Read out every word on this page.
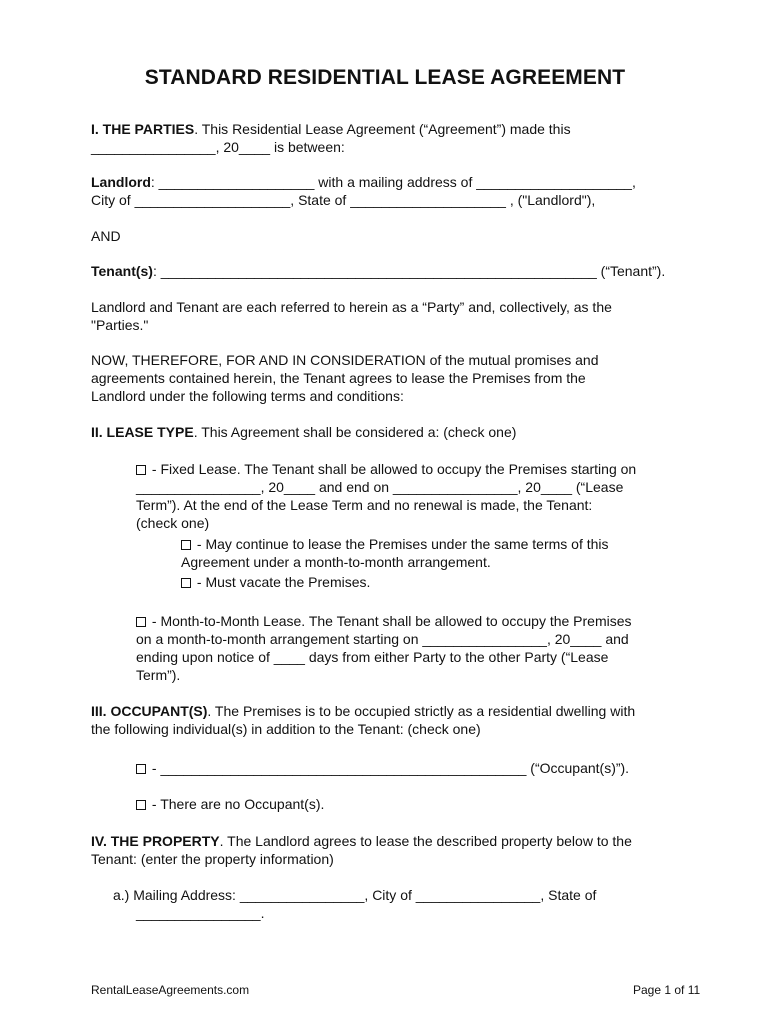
STANDARD RESIDENTIAL LEASE AGREEMENT
I. THE PARTIES. This Residential Lease Agreement (“Agreement”) made this
________________, 20____ is between:
Landlord: ____________________ with a mailing address of ____________________,
City of ____________________, State of ____________________ , ("Landlord"),
AND
Tenant(s): ________________________________________________________ (“Tenant”).
Landlord and Tenant are each referred to herein as a “Party” and, collectively, as the
"Parties."
NOW, THEREFORE, FOR AND IN CONSIDERATION of the mutual promises and
agreements contained herein, the Tenant agrees to lease the Premises from the
Landlord under the following terms and conditions:
II. LEASE TYPE. This Agreement shall be considered a: (check one)
- Fixed Lease. The Tenant shall be allowed to occupy the Premises starting on
________________, 20____ and end on ________________, 20____ (“Lease
Term”). At the end of the Lease Term and no renewal is made, the Tenant:
(check one)
- May continue to lease the Premises under the same terms of this
Agreement under a month-to-month arrangement.
- Must vacate the Premises.
- Month-to-Month Lease. The Tenant shall be allowed to occupy the Premises
on a month-to-month arrangement starting on ________________, 20____ and
ending upon notice of ____ days from either Party to the other Party (“Lease
Term”).
III. OCCUPANT(S). The Premises is to be occupied strictly as a residential dwelling with
the following individual(s) in addition to the Tenant: (check one)
- _______________________________________________ (“Occupant(s)”).
- There are no Occupant(s).
IV. THE PROPERTY. The Landlord agrees to lease the described property below to the
Tenant: (enter the property information)
a.) Mailing Address: ________________, City of ________________, State of
________________.
RentalLeaseAgreements.com	Page 1 of 11
